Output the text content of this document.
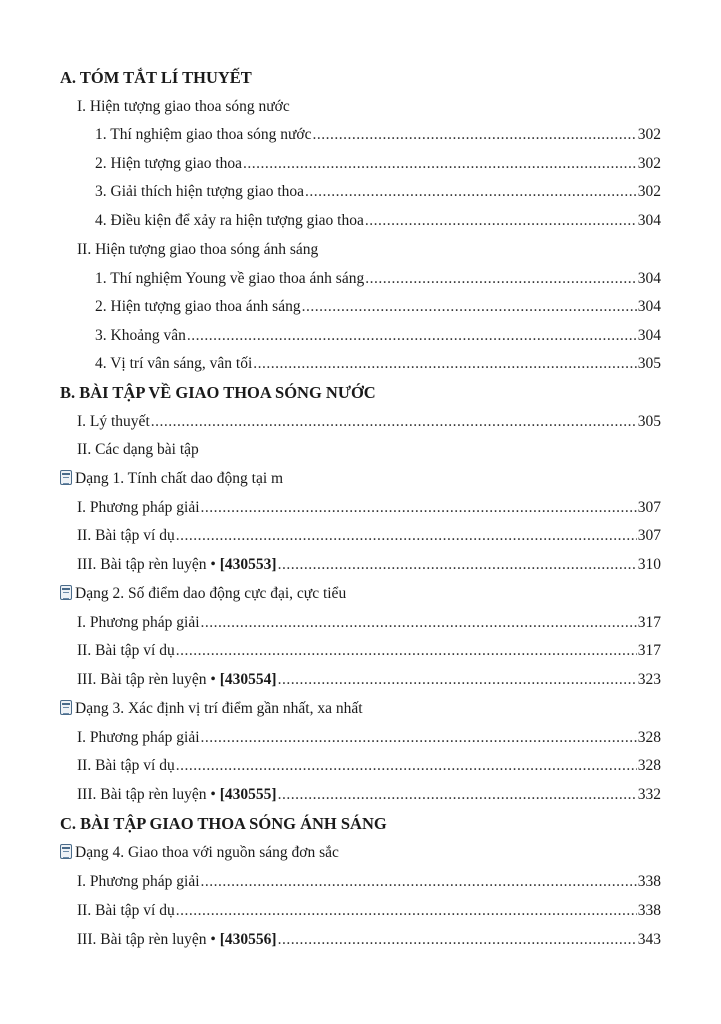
A. TÓM TẮT LÍ THUYẾT
I. Hiện tượng giao thoa sóng nước
1. Thí nghiệm giao thoa sóng nước .....	302
2. Hiện tượng giao thoa .....	302
3. Giải thích hiện tượng giao thoa .....	302
4. Điều kiện để xảy ra hiện tượng giao thoa .....	304
II. Hiện tượng giao thoa sóng ánh sáng
1. Thí nghiệm Young về giao thoa ánh sáng .....	304
2. Hiện tượng giao thoa ánh sáng .....	304
3. Khoảng vân .....	304
4. Vị trí vân sáng, vân tối .....	305
B. BÀI TẬP VỀ GIAO THOA SÓNG NƯỚC
I. Lý thuyết .....	305
II. Các dạng bài tập
Dạng 1. Tính chất dao động tại m
I. Phương pháp giải .....	307
II. Bài tập ví dụ .....	307
III. Bài tập rèn luyện • [430553] .....	310
Dạng 2. Số điểm dao động cực đại, cực tiểu
I. Phương pháp giải .....	317
II. Bài tập ví dụ .....	317
III. Bài tập rèn luyện • [430554] .....	323
Dạng 3. Xác định vị trí điểm gần nhất, xa nhất
I. Phương pháp giải .....	328
II. Bài tập ví dụ .....	328
III. Bài tập rèn luyện • [430555] .....	332
C. BÀI TẬP GIAO THOA SÓNG ÁNH SÁNG
Dạng 4. Giao thoa với nguồn sáng đơn sắc
I. Phương pháp giải .....	338
II. Bài tập ví dụ .....	338
III. Bài tập rèn luyện • [430556] .....	343
